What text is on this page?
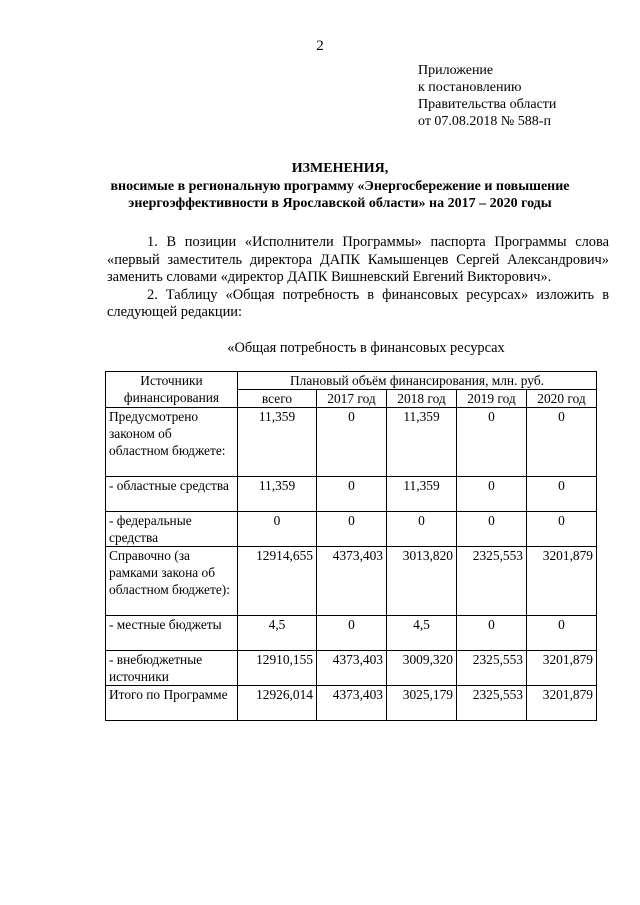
2
Приложение
к постановлению
Правительства области
от 07.08.2018 № 588-п
ИЗМЕНЕНИЯ,
вносимые в региональную программу «Энергосбережение и повышение
энергоэффективности в Ярославской области» на 2017 – 2020 годы

1. В позиции «Исполнители Программы» паспорта Программы слова «первый заместитель директора ДАПК Камышенцев Сергей Александрович» заменить словами «директор ДАПК Вишневский Евгений Викторович».

2. Таблицу «Общая потребность в финансовых ресурсах» изложить в следующей редакции:

«Общая потребность в финансовых ресурсах
Источники финансирования	Плановый объём финансирования, млн. руб.				
	всего	2017 год	2018 год	2019 год	2020 год
Предусмотрено законом об областном бюджете:	11,359	0	11,359	0	0
- областные средства	11,359	0	11,359	0	0
- федеральные средства	0	0	0	0	0
Справочно (за рамками закона об областном бюджете):	12914,655	4373,403	3013,820	2325,553	3201,879
- местные бюджеты	4,5	0	4,5	0	0
- внебюджетные источники	12910,155	4373,403	3009,320	2325,553	3201,879
Итого по Программе	12926,014	4373,403	3025,179	2325,553	3201,879
